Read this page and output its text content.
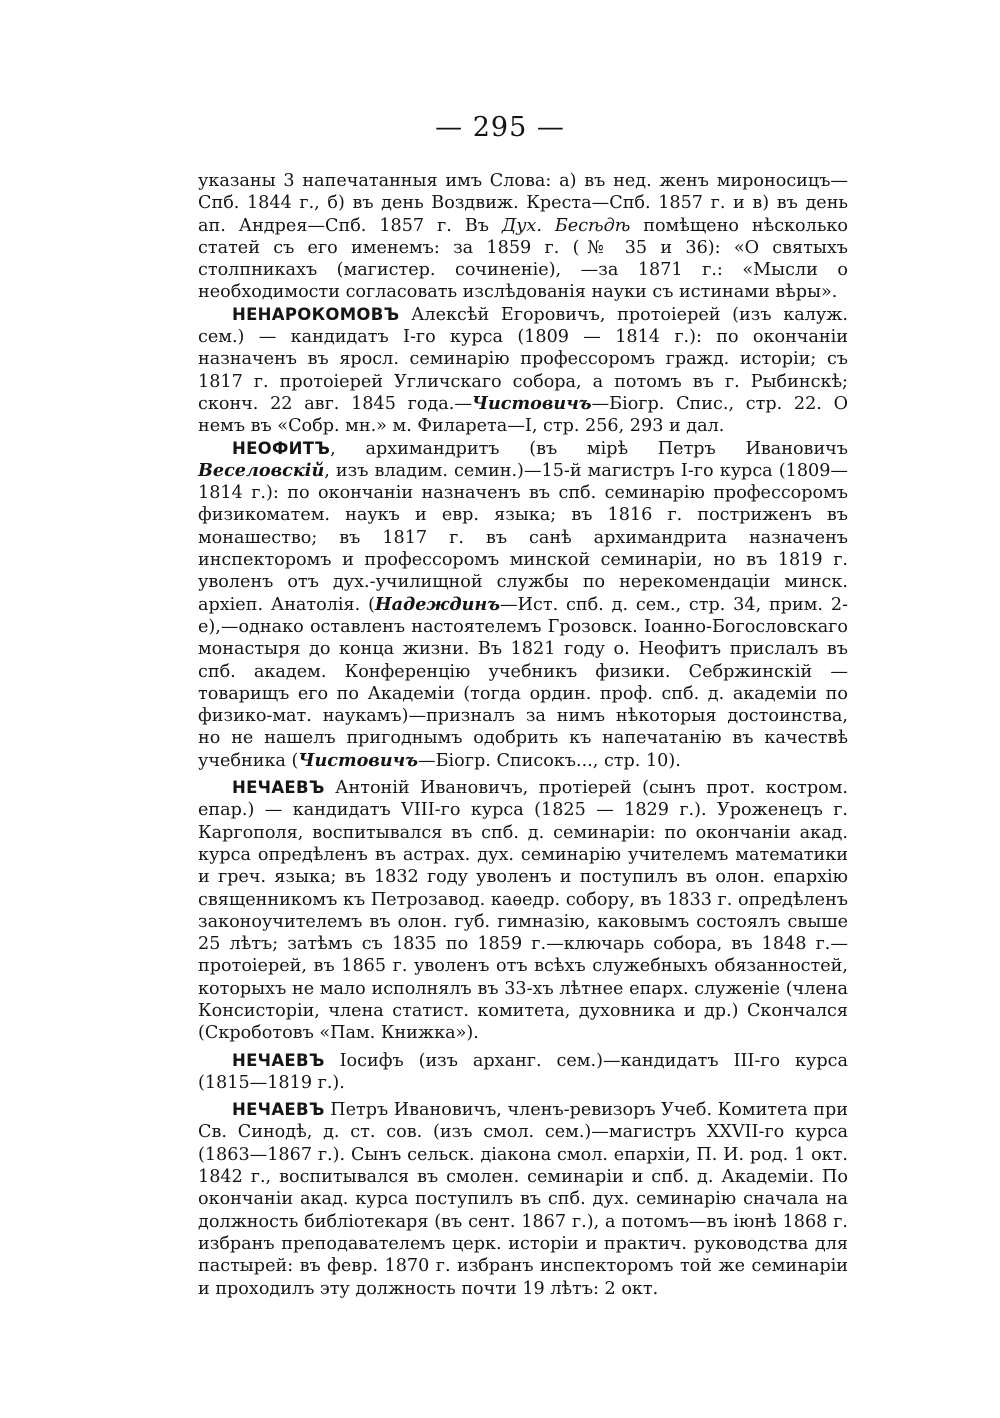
— 295 —

указаны 3 напечатанныя имъ Слова: а) въ нед. женъ мироносицъ—Спб. 1844 г., б) въ день Воздвиж. Креста—Спб. 1857 г. и в) въ день ап. Андрея—Спб. 1857 г. Въ Дух. Бесѣдѣ помѣщено нѣсколько статей съ его именемъ: за 1859 г. (№ 35 и 36): «О святыхъ столпникахъ (магистер. сочиненіе), —за 1871 г.: «Мысли о необходимости согласовать изслѣдованія науки съ истинами вѣры».

НЕНАРОКОМОВЪ Алексѣй Егоровичъ, протоіерей (изъ калуж. сем.) — кандидатъ I-го курса (1809 — 1814 г.): по окончаніи назначенъ въ яросл. семинарію профессоромъ гражд. исторіи; съ 1817 г. протоіерей Угличскаго собора, а потомъ въ г. Рыбинскѣ; сконч. 22 авг. 1845 года.—Чистовичъ—Біогр. Спис., стр. 22. О немъ въ «Собр. мн.» м. Филарета—I, стр. 256, 293 и дал.

НЕОФИТЪ, архимандритъ (въ мірѣ Петръ Ивановичъ Веселовскій, изъ владим. семин.)—15-й магистръ I-го курса (1809—1814 г.): по окончаніи назначенъ въ спб. семинарію профессоромъ физикоматем. наукъ и евр. языка; въ 1816 г. постриженъ въ монашество; въ 1817 г. въ санѣ архимандрита назначенъ инспекторомъ и профессоромъ минской семинаріи, но въ 1819 г. уволенъ отъ дух.-училищной службы по нерекомендаціи минск. архіеп. Анатолія. (Надеждинъ—Ист. спб. д. сем., стр. 34, прим. 2-е),—однако оставленъ настоятелемъ Грозовск. Іоанно-Богословскаго монастыря до конца жизни. Въ 1821 году о. Неофитъ прислалъ въ спб. академ. Конференцію учебникъ физики. Себржинскій — товарищъ его по Академіи (тогда ордин. проф. спб. д. академіи по физико-мат. наукамъ)—призналъ за нимъ нѣкоторыя достоинства, но не нашелъ пригоднымъ одобрить къ напечатанію въ качествѣ учебника (Чистовичъ—Біогр. Списокъ..., стр. 10).

НЕЧАЕВЪ Антоній Ивановичъ, протіерей (сынъ прот. костром. епар.) — кандидатъ VIII-го курса (1825 — 1829 г.). Уроженецъ г. Каргополя, воспитывался въ спб. д. семинаріи: по окончаніи акад. курса опредѣленъ въ астрах. дух. семинарію учителемъ математики и греч. языка; въ 1832 году уволенъ и поступилъ въ олон. епархію священникомъ къ Петрозавод. каѳедр. собору, въ 1833 г. опредѣленъ законоучителемъ въ олон. губ. гимназію, каковымъ состоялъ свыше 25 лѣтъ; затѣмъ съ 1835 по 1859 г.—ключарь собора, въ 1848 г.—протоіерей, въ 1865 г. уволенъ отъ всѣхъ служебныхъ обязанностей, которыхъ не мало исполнялъ въ 33-хъ лѣтнее епарх. служеніе (члена Консисторіи, члена статист. комитета, духовника и др.) Скончался (Скроботовъ «Пам. Книжка»).

НЕЧАЕВЪ Іосифъ (изъ арханг. сем.)—кандидатъ III-го курса (1815—1819 г.).

НЕЧАЕВЪ Петръ Ивановичъ, членъ-ревизоръ Учеб. Комитета при Св. Синодѣ, д. ст. сов. (изъ смол. сем.)—магистръ XXVII-го курса (1863—1867 г.). Сынъ сельск. діакона смол. епархіи, П. И. род. 1 окт. 1842 г., воспитывался въ смолен. семинаріи и спб. д. Академіи. По окончаніи акад. курса поступилъ въ спб. дух. семинарію сначала на должность библіотекаря (въ сент. 1867 г.), а потомъ—въ іюнѣ 1868 г. избранъ преподавателемъ церк. исторіи и практич. руководства для пастырей: въ февр. 1870 г. избранъ инспекторомъ той же семинаріи и проходилъ эту должность почти 19 лѣтъ: 2 окт.
